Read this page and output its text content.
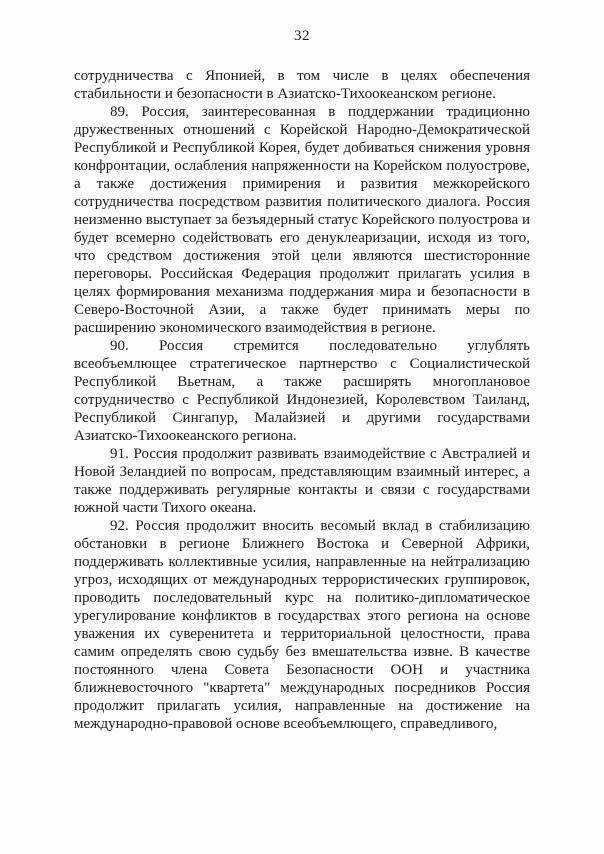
32

сотрудничества с Японией, в том числе в целях обеспечения стабильности и безопасности в Азиатско-Тихоокеанском регионе.

89. Россия, заинтересованная в поддержании традиционно дружественных отношений с Корейской Народно-Демократической Республикой и Республикой Корея, будет добиваться снижения уровня конфронтации, ослабления напряженности на Корейском полуострове, а также достижения примирения и развития межкорейского сотрудничества посредством развития политического диалога. Россия неизменно выступает за безъядерный статус Корейского полуострова и будет всемерно содействовать его денуклеаризации, исходя из того, что средством достижения этой цели являются шестисторонние переговоры. Российская Федерация продолжит прилагать усилия в целях формирования механизма поддержания мира и безопасности в Северо-Восточной Азии, а также будет принимать меры по расширению экономического взаимодействия в регионе.

90. Россия стремится последовательно углублять всеобъемлющее стратегическое партнерство с Социалистической Республикой Вьетнам, а также расширять многоплановое сотрудничество с Республикой Индонезией, Королевством Таиланд, Республикой Сингапур, Малайзией и другими государствами Азиатско-Тихоокеанского региона.

91. Россия продолжит развивать взаимодействие с Австралией и Новой Зеландией по вопросам, представляющим взаимный интерес, а также поддерживать регулярные контакты и связи с государствами южной части Тихого океана.

92. Россия продолжит вносить весомый вклад в стабилизацию обстановки в регионе Ближнего Востока и Северной Африки, поддерживать коллективные усилия, направленные на нейтрализацию угроз, исходящих от международных террористических группировок, проводить последовательный курс на политико-дипломатическое урегулирование конфликтов в государствах этого региона на основе уважения их суверенитета и территориальной целостности, права самим определять свою судьбу без вмешательства извне. В качестве постоянного члена Совета Безопасности ООН и участника ближневосточного "квартета" международных посредников Россия продолжит прилагать усилия, направленные на достижение на международно-правовой основе всеобъемлющего, справедливого,
